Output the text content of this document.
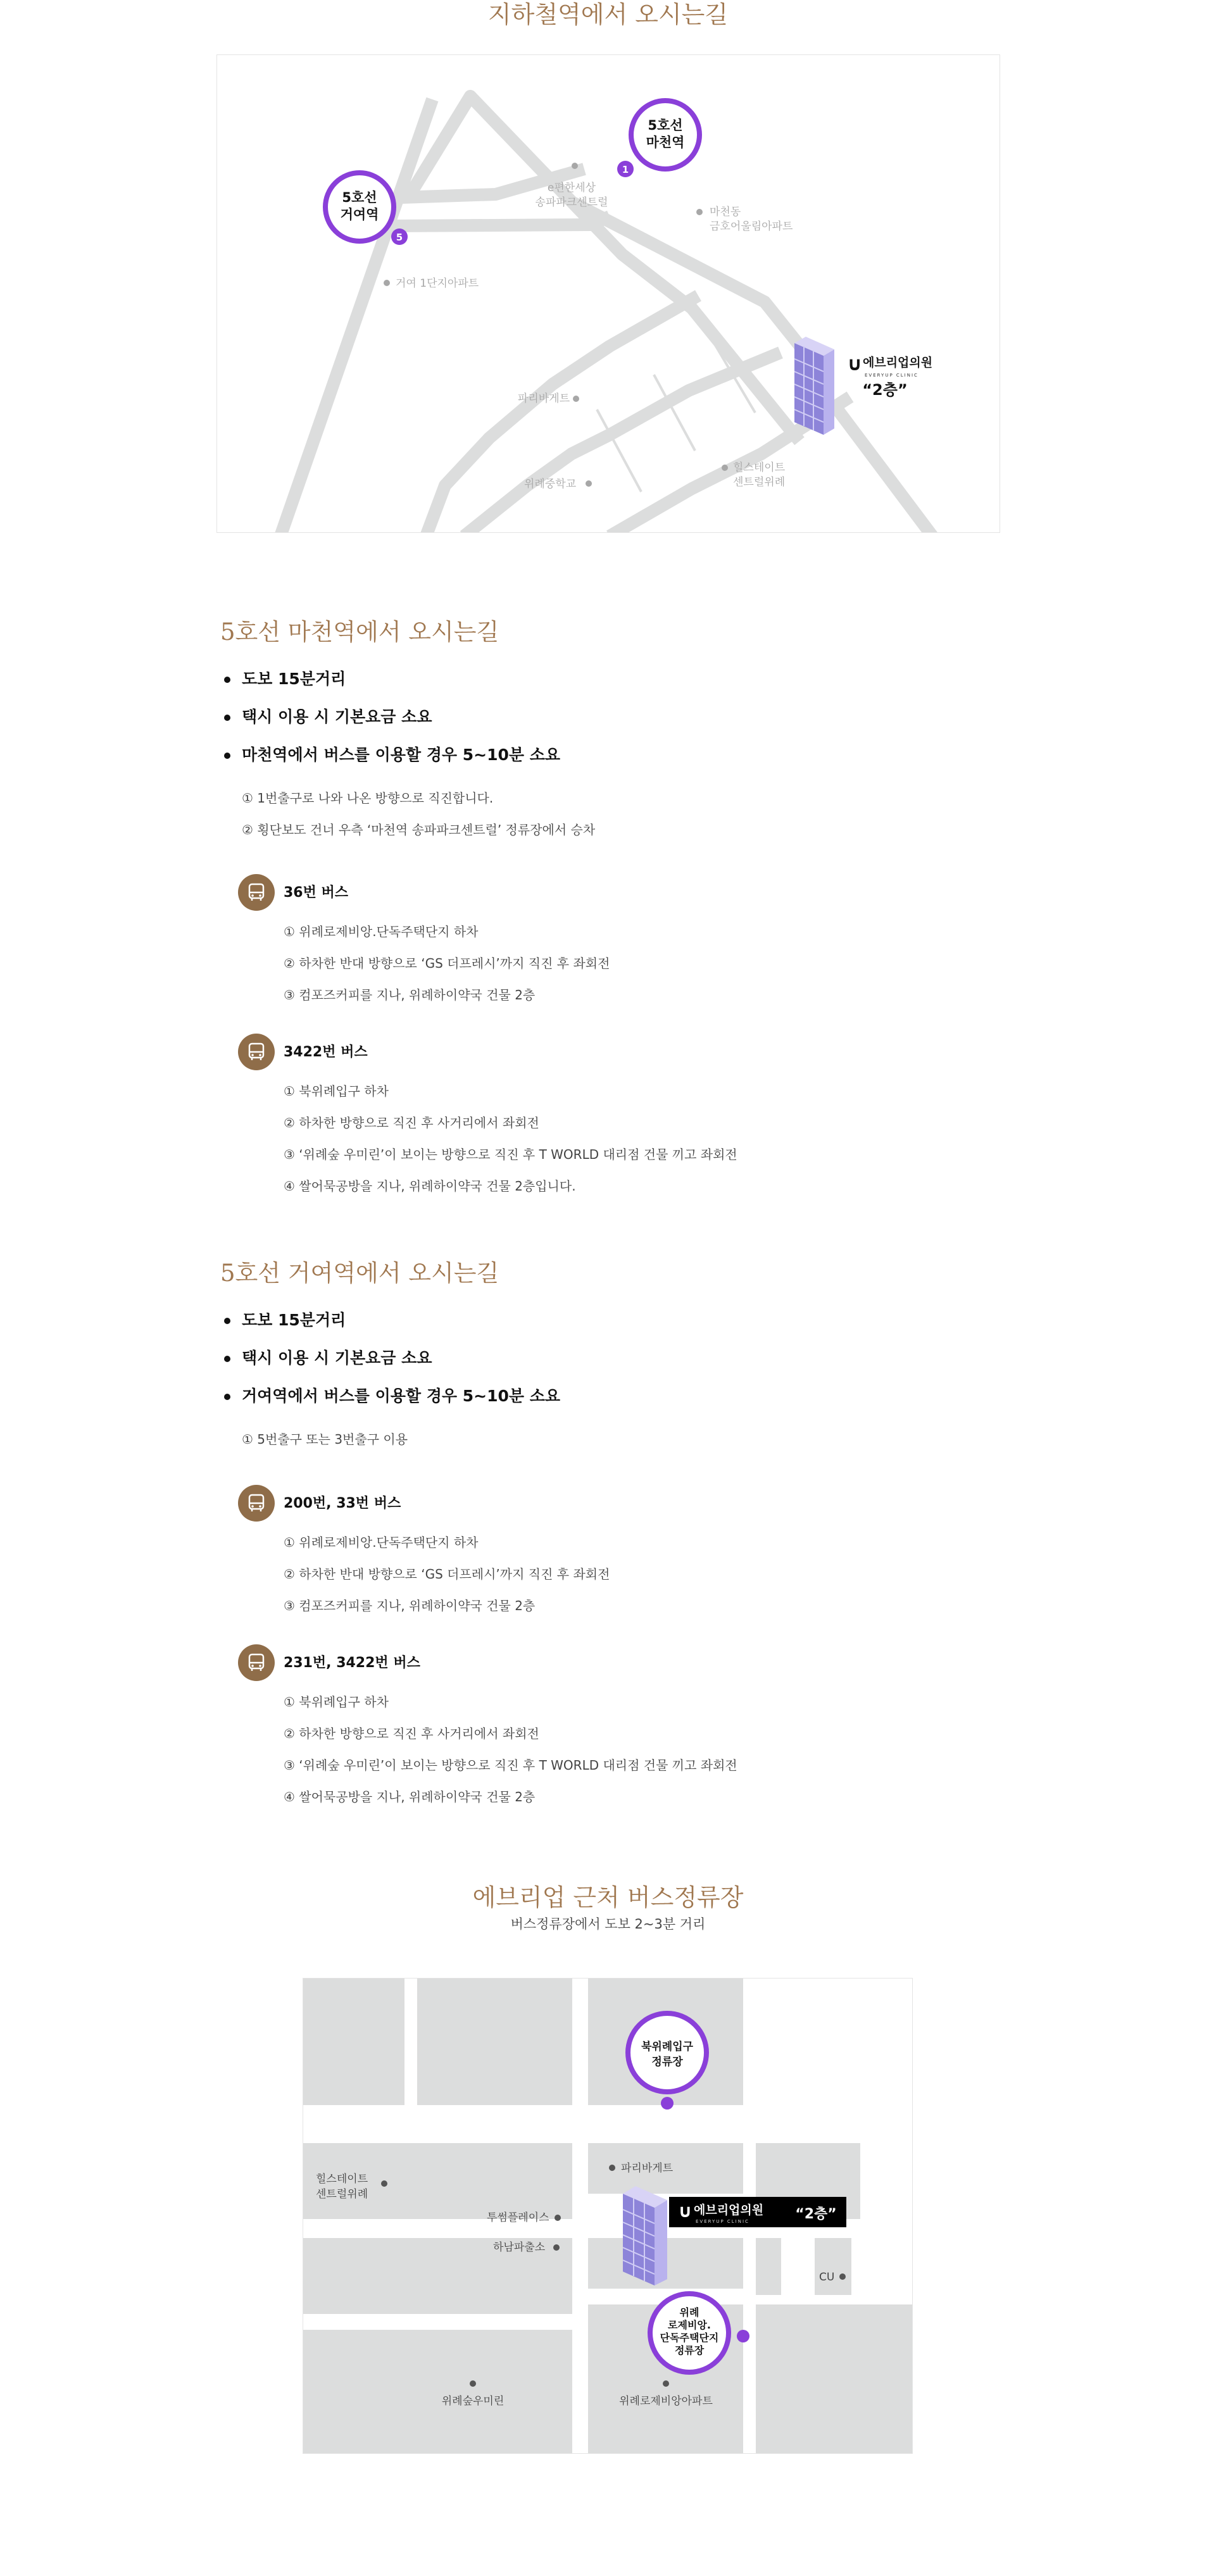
지하철역에서 오시는길
e편한세상
송파파크센트럴
마천동
금호어울림아파트
거여 1단지아파트
파리바게트
위례중학교
힐스테이트
센트럴위례
5호선
마천역
1
5호선
거여역
5
∪ 에브리업의원
EVERYUP CLINIC
“2층”
5호선 마천역에서 오시는길
도보 15분거리
택시 이용 시 기본요금 소요
마천역에서 버스를 이용할 경우 5~10분 소요
① 1번출구로 나와 나온 방향으로 직진합니다.
② 횡단보도 건너 우측 ‘마천역 송파파크센트럴’ 정류장에서 승차
36번 버스
① 위례로제비앙.단독주택단지 하차
② 하차한 반대 방향으로 ‘GS 더프레시’까지 직진 후 좌회전
③ 컴포즈커피를 지나, 위례하이약국 건물 2층
3422번 버스
① 북위례입구 하차
② 하차한 방향으로 직진 후 사거리에서 좌회전
③ ‘위례숲 우미린’이 보이는 방향으로 직진 후 T WORLD 대리점 건물 끼고 좌회전
④ 쌀어묵공방을 지나, 위례하이약국 건물 2층입니다.
5호선 거여역에서 오시는길
도보 15분거리
택시 이용 시 기본요금 소요
거여역에서 버스를 이용할 경우 5~10분 소요
① 5번출구 또는 3번출구 이용
200번, 33번 버스
① 위례로제비앙.단독주택단지 하차
② 하차한 반대 방향으로 ‘GS 더프레시’까지 직진 후 좌회전
③ 컴포즈커피를 지나, 위례하이약국 건물 2층
231번, 3422번 버스
① 북위례입구 하차
② 하차한 방향으로 직진 후 사거리에서 좌회전
③ ‘위례숲 우미린’이 보이는 방향으로 직진 후 T WORLD 대리점 건물 끼고 좌회전
④ 쌀어묵공방을 지나, 위례하이약국 건물 2층
에브리업 근처 버스정류장

버스정류장에서 도보 2~3분 거리

힐스테이트
센트럴위례
투썸플레이스
하남파출소
파리바게트
CU
위례숲우미린	위례로제비앙아파트
북위례입구
정류장
∪ 에브리업의원
EVERYUP CLINIC	“2층”
위례
로제비앙.
단독주택단지
정류장
